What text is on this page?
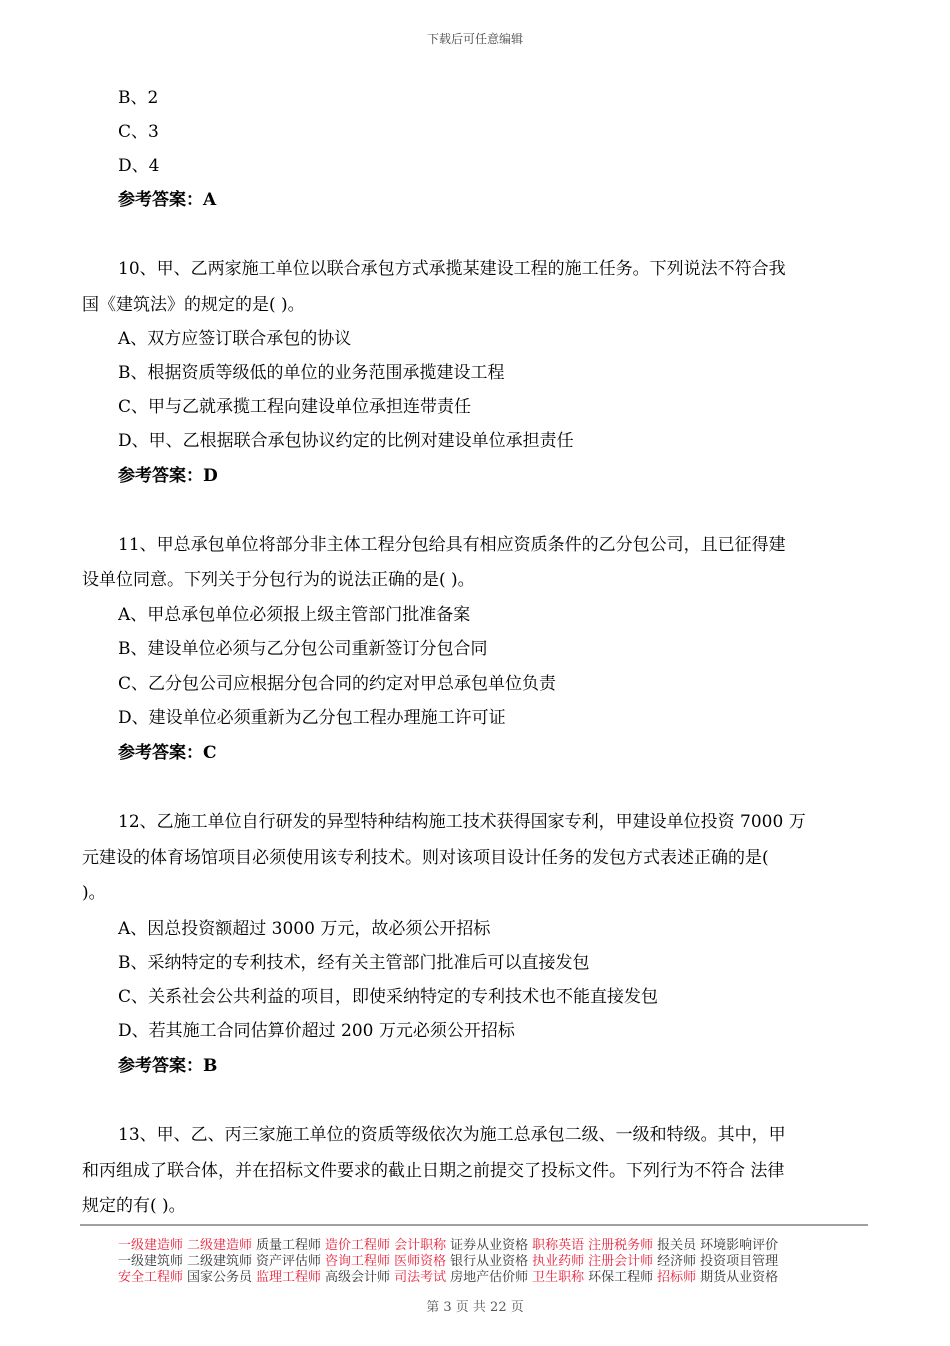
下载后可任意编辑
B、2
C、3
D、4
参考答案：A
10、甲、乙两家施工单位以联合承包方式承揽某建设工程的施工任务。下列说法不符合我
国《建筑法》的规定的是( )。
A、双方应签订联合承包的协议
B、根据资质等级低的单位的业务范围承揽建设工程
C、甲与乙就承揽工程向建设单位承担连带责任
D、甲、乙根据联合承包协议约定的比例对建设单位承担责任
参考答案：D
11、甲总承包单位将部分非主体工程分包给具有相应资质条件的乙分包公司，且已征得建
设单位同意。下列关于分包行为的说法正确的是( )。
A、甲总承包单位必须报上级主管部门批准备案
B、建设单位必须与乙分包公司重新签订分包合同
C、乙分包公司应根据分包合同的约定对甲总承包单位负责
D、建设单位必须重新为乙分包工程办理施工许可证
参考答案：C
12、乙施工单位自行研发的异型特种结构施工技术获得国家专利，甲建设单位投资 7000 万
元建设的体育场馆项目必须使用该专利技术。则对该项目设计任务的发包方式表述正确的是(
)。
A、因总投资额超过 3000 万元，故必须公开招标
B、采纳特定的专利技术，经有关主管部门批准后可以直接发包
C、关系社会公共利益的项目，即使采纳特定的专利技术也不能直接发包
D、若其施工合同估算价超过 200 万元必须公开招标
参考答案：B
13、甲、乙、丙三家施工单位的资质等级依次为施工总承包二级、一级和特级。其中，甲
和丙组成了联合体，并在招标文件要求的截止日期之前提交了投标文件。下列行为不符合 法律
规定的有( )。
一级建造师 二级建造师 质量工程师 造价工程师 会计职称 证券从业资格 职称英语 注册税务师 报关员 环境影响评价
一级建筑师 二级建筑师 资产评估师 咨询工程师 医师资格 银行从业资格 执业药师 注册会计师 经济师 投资项目管理
安全工程师 国家公务员 监理工程师 高级会计师 司法考试 房地产估价师 卫生职称 环保工程师 招标师 期货从业资格
第 3 页 共 22 页
